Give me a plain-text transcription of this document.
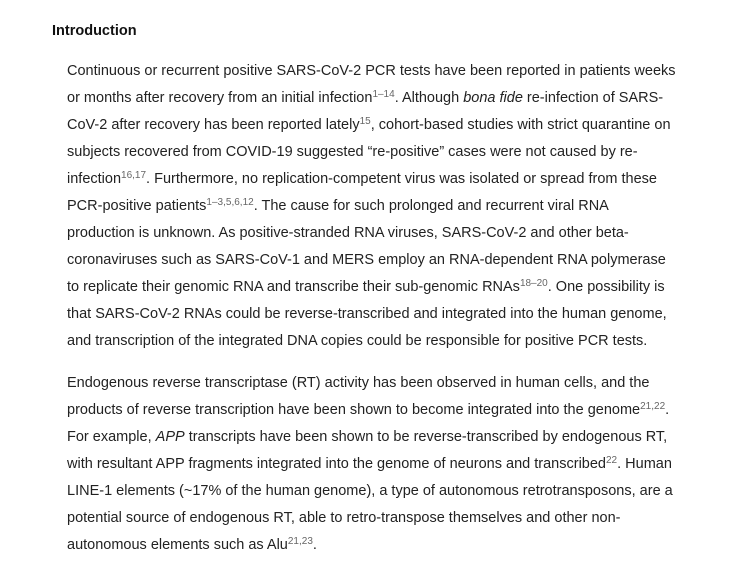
Introduction

Continuous or recurrent positive SARS-CoV-2 PCR tests have been reported in patients weeks
or months after recovery from an initial infection$^{1-14}$. Although bona fide re-infection of SARS-
CoV-2 after recovery has been reported lately$^{15}$, cohort-based studies with strict quarantine on
subjects recovered from COVID-19 suggested “re-positive” cases were not caused by re-
infection$^{16,17}$. Furthermore, no replication-competent virus was isolated or spread from these
PCR-positive patients$^{1-3,5,6,12}$. The cause for such prolonged and recurrent viral RNA
production is unknown. As positive-stranded RNA viruses, SARS-CoV-2 and other beta-
coronaviruses such as SARS-CoV-1 and MERS employ an RNA-dependent RNA polymerase
to replicate their genomic RNA and transcribe their sub-genomic RNAs$^{18-20}$. One possibility is
that SARS-CoV-2 RNAs could be reverse-transcribed and integrated into the human genome,
and transcription of the integrated DNA copies could be responsible for positive PCR tests.

Endogenous reverse transcriptase (RT) activity has been observed in human cells, and the
products of reverse transcription have been shown to become integrated into the genome$^{21,22}$.
For example, APP transcripts have been shown to be reverse-transcribed by endogenous RT,
with resultant APP fragments integrated into the genome of neurons and transcribed$^{22}$. Human
LINE-1 elements (~17% of the human genome), a type of autonomous retrotransposons, are a
potential source of endogenous RT, able to retro-transpose themselves and other non-
autonomous elements such as Alu$^{21,23}$.
